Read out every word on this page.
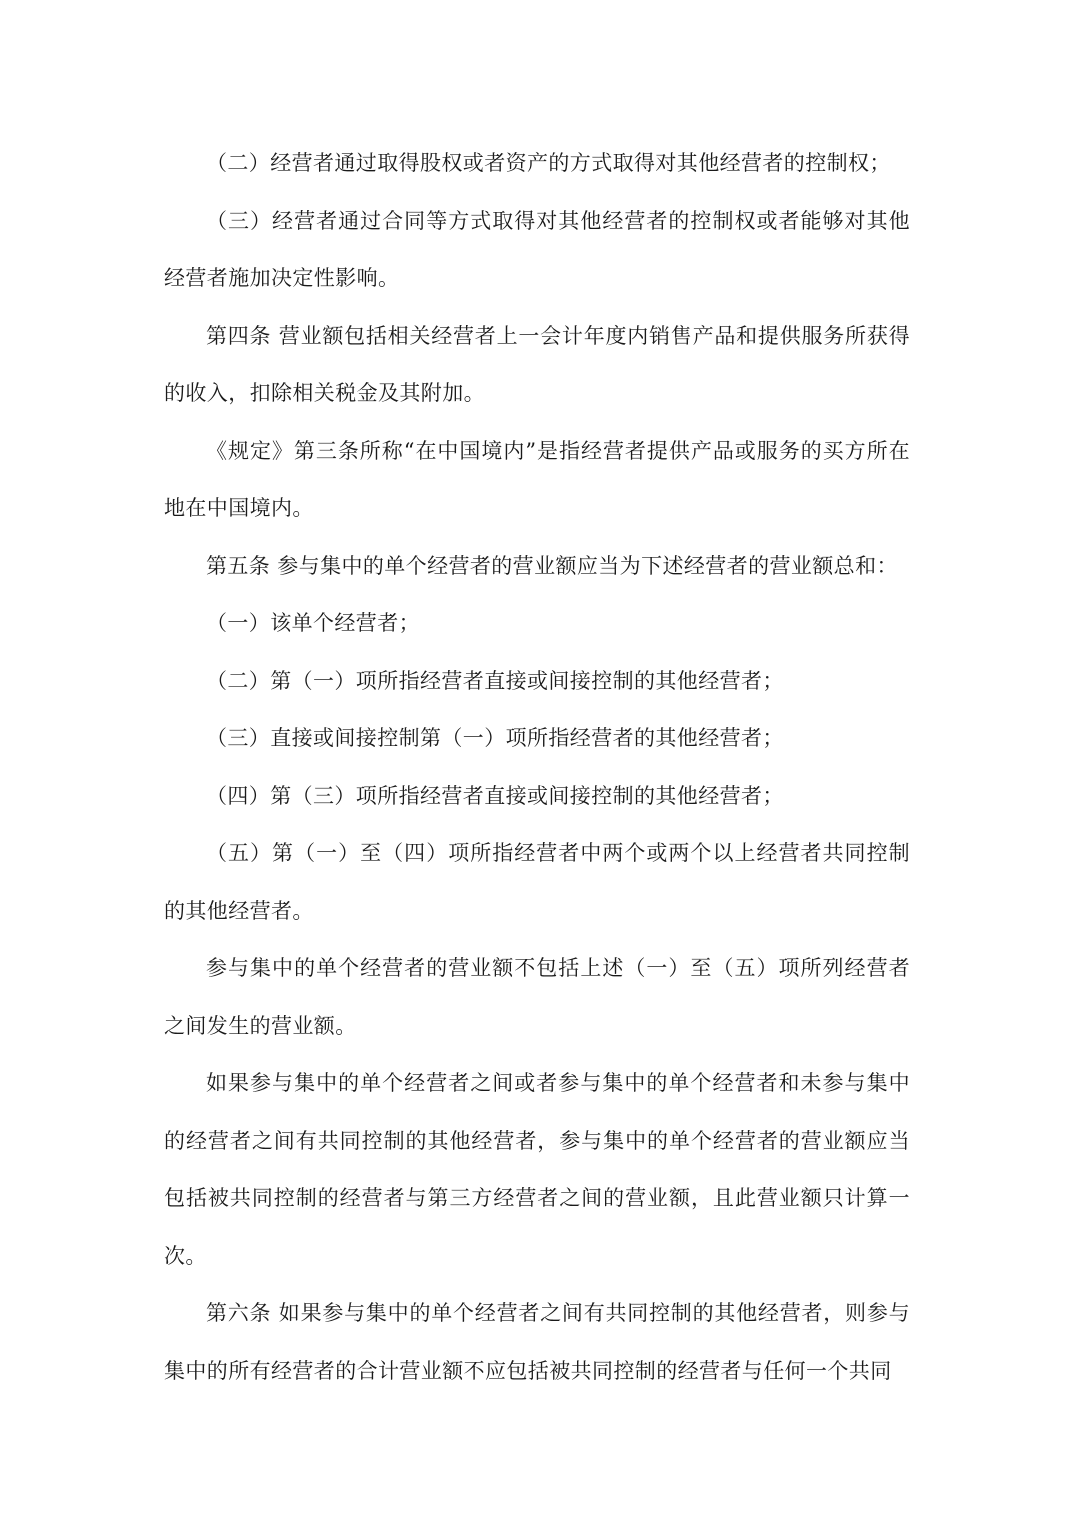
（二）经营者通过取得股权或者资产的方式取得对其他经营者的控制权；

（三）经营者通过合同等方式取得对其他经营者的控制权或者能够对其他经营者施加决定性影响。

第四条 营业额包括相关经营者上一会计年度内销售产品和提供服务所获得的收入，扣除相关税金及其附加。

《规定》第三条所称“在中国境内”是指经营者提供产品或服务的买方所在地在中国境内。

第五条 参与集中的单个经营者的营业额应当为下述经营者的营业额总和：

（一）该单个经营者；

（二）第（一）项所指经营者直接或间接控制的其他经营者；

（三）直接或间接控制第（一）项所指经营者的其他经营者；

（四）第（三）项所指经营者直接或间接控制的其他经营者；

（五）第（一）至（四）项所指经营者中两个或两个以上经营者共同控制的其他经营者。

参与集中的单个经营者的营业额不包括上述（一）至（五）项所列经营者之间发生的营业额。

如果参与集中的单个经营者之间或者参与集中的单个经营者和未参与集中的经营者之间有共同控制的其他经营者，参与集中的单个经营者的营业额应当包括被共同控制的经营者与第三方经营者之间的营业额，且此营业额只计算一次。

第六条 如果参与集中的单个经营者之间有共同控制的其他经营者，则参与集中的所有经营者的合计营业额不应包括被共同控制的经营者与任何一个共同
